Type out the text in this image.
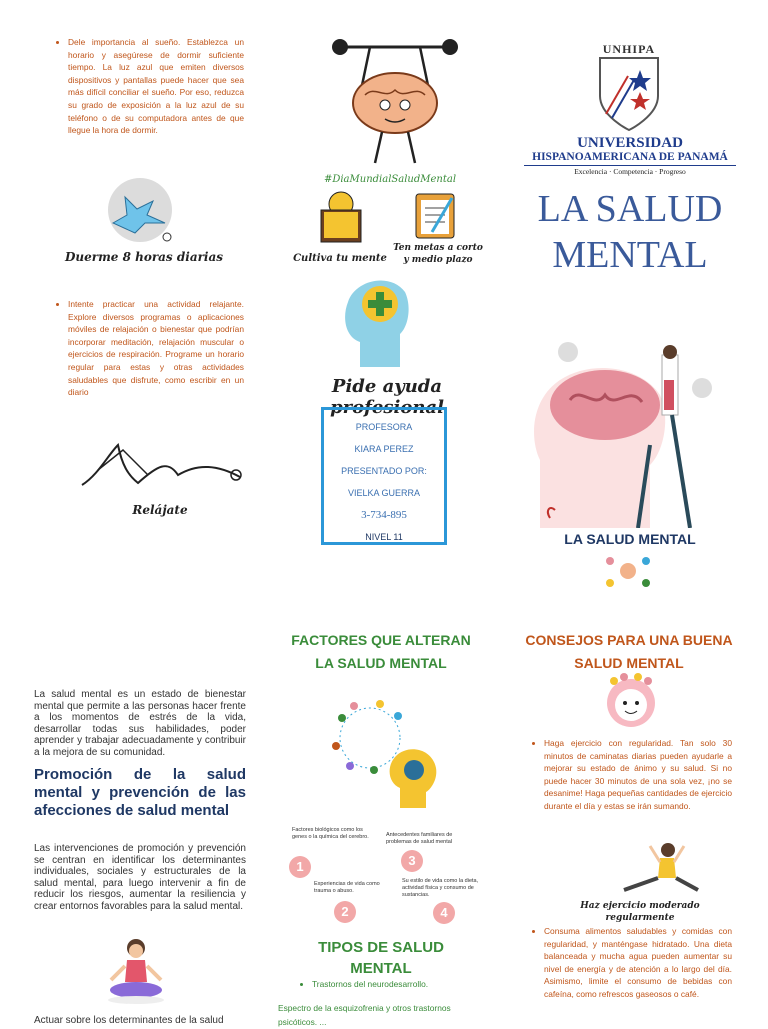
• Dele importancia al sueño. Establezca un horario y asegúrese de dormir suficiente tiempo. La luz azul que emiten diversos dispositivos y pantallas puede hacer que sea más difícil conciliar el sueño. Por eso, reduzca su grado de exposición a la luz azul de su teléfono o de su computadora antes de que llegue la hora de dormir.
Duerme 8 horas diarias
• Intente practicar una actividad relajante. Explore diversos programas o aplicaciones móviles de relajación o bienestar que podrían incorporar meditación, relajación muscular o ejercicios de respiración. Programe un horario regular para estas y otras actividades saludables que disfrute, como escribir en un diario
Relájate
#DiaMundialSaludMental
Cultiva tu mente
Ten metas a corto y medio plazo
Pide ayuda profesional
PROFESORA
KIARA PEREZ
PRESENTADO POR:
VIELKA GUERRA
3-734-895
NIVEL 11
UNHIPA
UNIVERSIDAD
HISPANOAMERICANA DE PANAMÁ
Excelencia · Competencia · Progreso
LA SALUD
MENTAL
LA SALUD MENTAL
La salud mental es un estado de bienestar mental que permite a las personas hacer frente a los momentos de estrés de la vida, desarrollar todas sus habilidades, poder aprender y trabajar adecuadamente y contribuir a la mejora de su comunidad.
Promoción de la salud mental y prevención de las afecciones de salud mental
Las intervenciones de promoción y prevención se centran en identificar los determinantes individuales, sociales y estructurales de la salud mental, para luego intervenir a fin de reducir los riesgos, aumentar la resiliencia y crear entornos favorables para la salud mental.
Actuar sobre los determinantes de la salud
FACTORES QUE ALTERAN LA SALUD MENTAL
Factores biológicos como los genes o la química del cerebro.
1
Antecedentes familiares de problemas de salud mental
3
Experiencias de vida como trauma o abuso.
2
Su estilo de vida como la dieta, actividad física y consumo de sustancias.
4
TIPOS DE SALUD MENTAL
• Trastornos del neurodesarrollo.
Espectro de la esquizofrenia y otros trastornos psicóticos. ...
CONSEJOS PARA UNA BUENA SALUD MENTAL
• Haga ejercicio con regularidad. Tan solo 30 minutos de caminatas diarias pueden ayudarle a mejorar su estado de ánimo y su salud. Si no puede hacer 30 minutos de una sola vez, ¡no se desanime! Haga pequeñas cantidades de ejercicio durante el día y estas se irán sumando.
Haz ejercicio moderado regularmente
• Consuma alimentos saludables y comidas con regularidad, y manténgase hidratado. Una dieta balanceada y mucha agua pueden aumentar su nivel de energía y de atención a lo largo del día. Asimismo, limite el consumo de bebidas con cafeína, como refrescos gaseosos o café.
